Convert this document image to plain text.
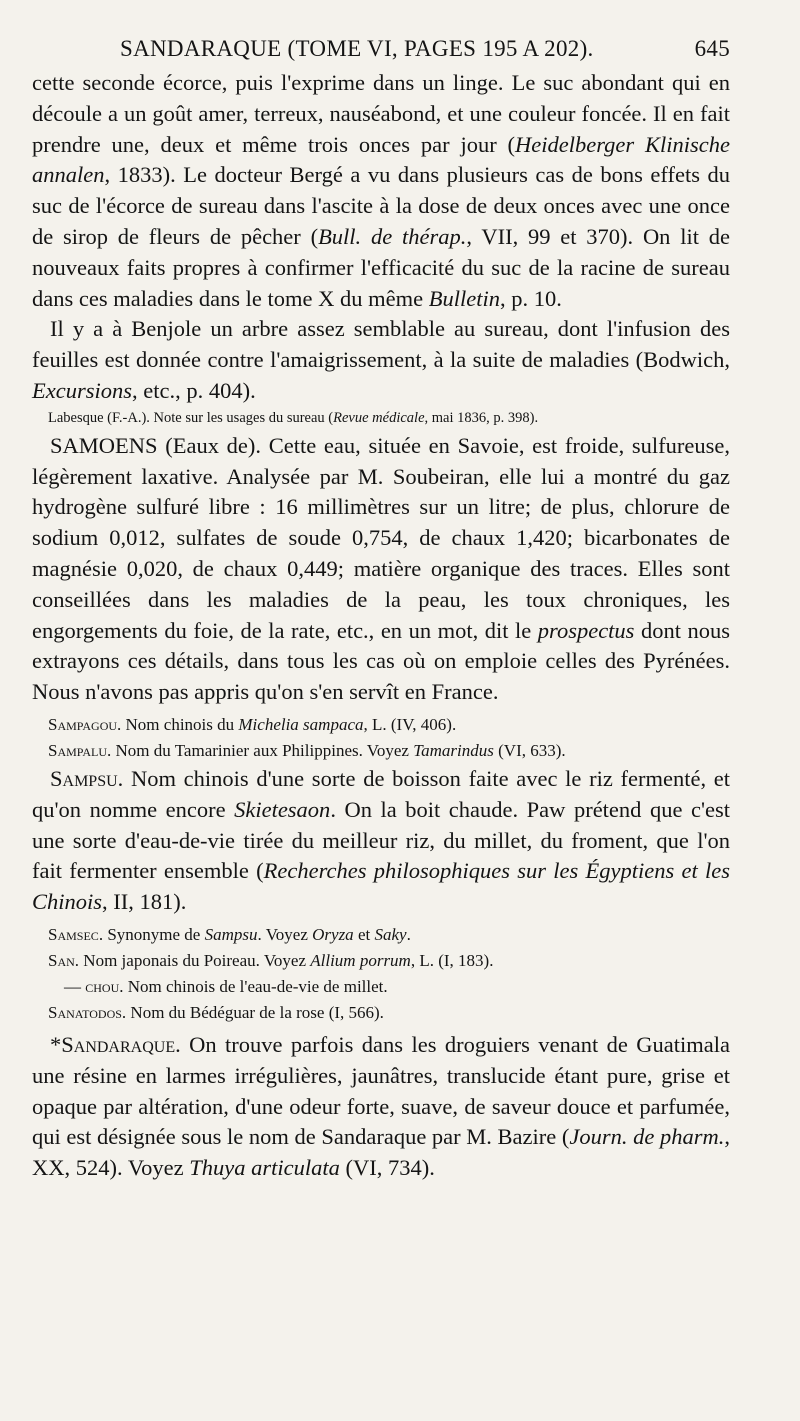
SANDARAQUE (TOME VI, PAGES 195 A 202).	645

cette seconde écorce, puis l'exprime dans un linge. Le suc abondant qui en découle a un goût amer, terreux, nauséabond, et une couleur foncée. Il en fait prendre une, deux et même trois onces par jour (Heidelberger Klinische annalen, 1833). Le docteur Bergé a vu dans plusieurs cas de bons effets du suc de l'écorce de sureau dans l'ascite à la dose de deux onces avec une once de sirop de fleurs de pêcher (Bull. de thérap., VII, 99 et 370). On lit de nouveaux faits propres à confirmer l'efficacité du suc de la racine de sureau dans ces maladies dans le tome X du même Bulletin, p. 10.

Il y a à Benjole un arbre assez semblable au sureau, dont l'infusion des feuilles est donnée contre l'amaigrissement, à la suite de maladies (Bodwich, Excursions, etc., p. 404).

Labesque (F.-A.). Note sur les usages du sureau (Revue médicale, mai 1836, p. 398).

SAMOENS (Eaux de). Cette eau, située en Savoie, est froide, sulfureuse, légèrement laxative. Analysée par M. Soubeiran, elle lui a montré du gaz hydrogène sulfuré libre : 16 millimètres sur un litre; de plus, chlorure de sodium 0,012, sulfates de soude 0,754, de chaux 1,420; bicarbonates de magnésie 0,020, de chaux 0,449; matière organique des traces. Elles sont conseillées dans les maladies de la peau, les toux chroniques, les engorgements du foie, de la rate, etc., en un mot, dit le prospectus dont nous extrayons ces détails, dans tous les cas où on emploie celles des Pyrénées. Nous n'avons pas appris qu'on s'en servît en France.

Sampagou. Nom chinois du Michelia sampaca, L. (IV, 406).

Sampalu. Nom du Tamarinier aux Philippines. Voyez Tamarindus (VI, 633).

Sampsu. Nom chinois d'une sorte de boisson faite avec le riz fermenté, et qu'on nomme encore Skietesaon. On la boit chaude. Paw prétend que c'est une sorte d'eau-de-vie tirée du meilleur riz, du millet, du froment, que l'on fait fermenter ensemble (Recherches philosophiques sur les Égyptiens et les Chinois, II, 181).

Samsec. Synonyme de Sampsu. Voyez Oryza et Saky.

San. Nom japonais du Poireau. Voyez Allium porrum, L. (I, 183).

— chou. Nom chinois de l'eau-de-vie de millet.

Sanatodos. Nom du Bédéguar de la rose (I, 566).

*Sandaraque. On trouve parfois dans les droguiers venant de Guatimala une résine en larmes irrégulières, jaunâtres, translucide étant pure, grise et opaque par altération, d'une odeur forte, suave, de saveur douce et parfumée, qui est désignée sous le nom de Sandaraque par M. Bazire (Journ. de pharm., XX, 524). Voyez Thuya articulata (VI, 734).
